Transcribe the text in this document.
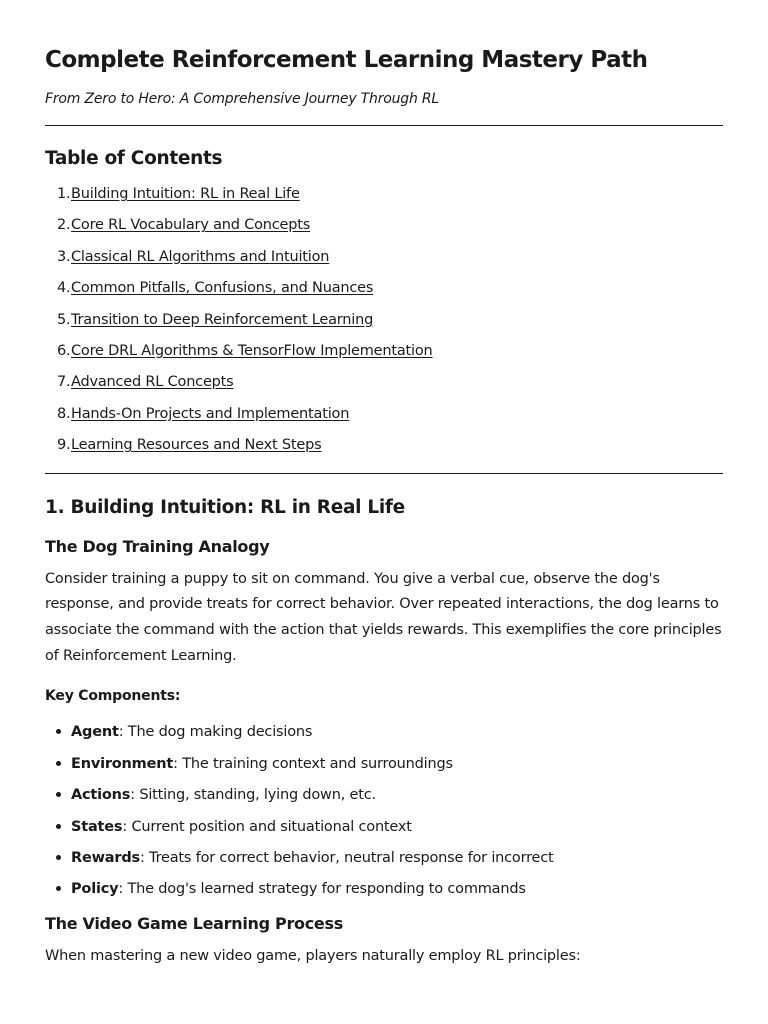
Complete Reinforcement Learning Mastery Path

From Zero to Hero: A Comprehensive Journey Through RL

Table of Contents
1. Building Intuition: RL in Real Life
2. Core RL Vocabulary and Concepts
3. Classical RL Algorithms and Intuition
4. Common Pitfalls, Confusions, and Nuances
5. Transition to Deep Reinforcement Learning
6. Core DRL Algorithms & TensorFlow Implementation
7. Advanced RL Concepts
8. Hands-On Projects and Implementation
9. Learning Resources and Next Steps
1. Building Intuition: RL in Real Life
The Dog Training Analogy

Consider training a puppy to sit on command. You give a verbal cue, observe the dog's response, and provide treats for correct behavior. Over repeated interactions, the dog learns to associate the command with the action that yields rewards. This exemplifies the core principles of Reinforcement Learning.

Key Components:

Agent: The dog making decisions
Environment: The training context and surroundings
Actions: Sitting, standing, lying down, etc.
States: Current position and situational context
Rewards: Treats for correct behavior, neutral response for incorrect
Policy: The dog's learned strategy for responding to commands
The Video Game Learning Process

When mastering a new video game, players naturally employ RL principles:
